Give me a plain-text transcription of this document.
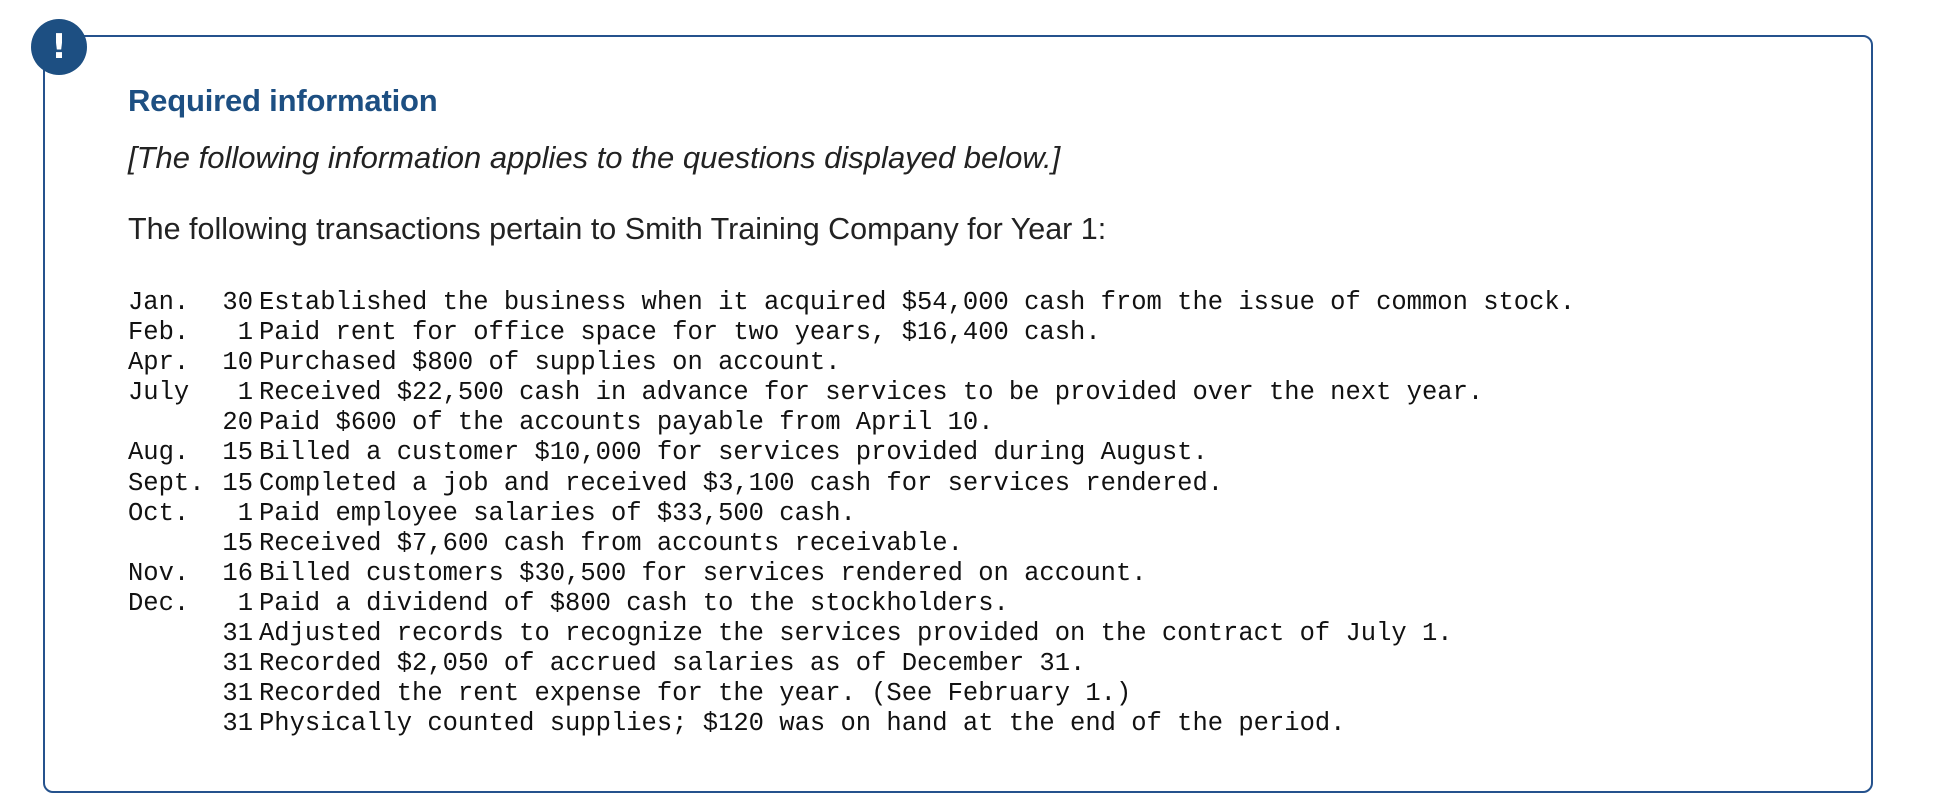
!
Required information

[The following information applies to the questions displayed below.]

The following transactions pertain to Smith Training Company for Year 1:

Jan. 30 Established the business when it acquired $54,000 cash from the issue of common stock.
Feb. 1 Paid rent for office space for two years, $16,400 cash.
Apr. 10 Purchased $800 of supplies on account.
July 1 Received $22,500 cash in advance for services to be provided over the next year.
20 Paid $600 of the accounts payable from April 10.
Aug. 15 Billed a customer $10,000 for services provided during August.
Sept. 15 Completed a job and received $3,100 cash for services rendered.
Oct. 1 Paid employee salaries of $33,500 cash.
15 Received $7,600 cash from accounts receivable.
Nov. 16 Billed customers $30,500 for services rendered on account.
Dec. 1 Paid a dividend of $800 cash to the stockholders.
31 Adjusted records to recognize the services provided on the contract of July 1.
31 Recorded $2,050 of accrued salaries as of December 31.
31 Recorded the rent expense for the year. (See February 1.)
31 Physically counted supplies; $120 was on hand at the end of the period.
